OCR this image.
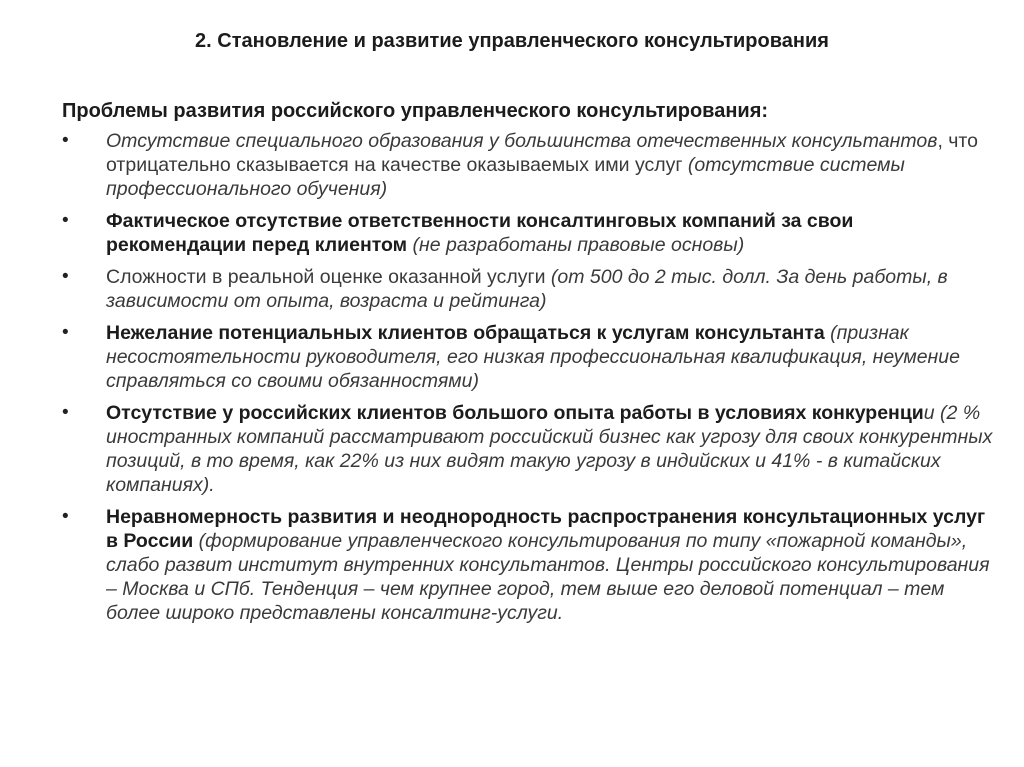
2. Становление и развитие управленческого консультирования
Проблемы развития российского управленческого консультирования:
• Отсутствие специального образования у большинства отечественных консультантов, что отрицательно сказывается на качестве оказываемых ими услуг (отсутствие системы профессионального обучения)
• Фактическое отсутствие ответственности консалтинговых компаний за свои рекомендации перед клиентом (не разработаны правовые основы)
• Сложности в реальной оценке оказанной услуги (от 500 до 2 тыс. долл. За день работы, в зависимости от опыта, возраста и рейтинга)
• Нежелание потенциальных клиентов обращаться к услугам консультанта (признак несостоятельности руководителя, его низкая профессиональная квалификация, неумение справляться со своими обязанностями)
• Отсутствие у российских клиентов большого опыта работы в условиях конкуренции (2 % иностранных компаний рассматривают российский бизнес как угрозу для своих конкурентных позиций, в то время, как 22% из них видят такую угрозу в индийских и 41% - в китайских компаниях).
• Неравномерность развития и неоднородность распространения консультационных услуг в России (формирование управленческого консультирования по типу «пожарной команды», слабо развит институт внутренних консультантов. Центры российского консультирования – Москва и СПб. Тенденция – чем крупнее город, тем выше его деловой потенциал – тем более широко представлены консалтинг-услуги.
